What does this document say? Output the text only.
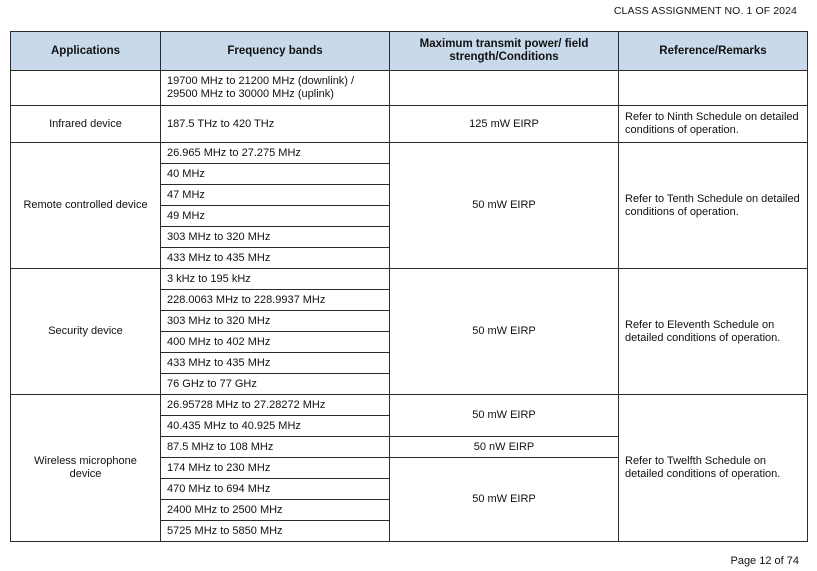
CLASS ASSIGNMENT NO. 1 OF 2024
Applications	Frequency bands	Maximum transmit power/ field strength/Conditions	Reference/Remarks
	19700 MHz to 21200 MHz (downlink) / 29500 MHz to 30000 MHz (uplink)		
Infrared device	187.5 THz to 420 THz	125 mW EIRP	Refer to Ninth Schedule on detailed conditions of operation.
Remote controlled device	26.965 MHz to 27.275 MHz	50 mW EIRP	Refer to Tenth Schedule on detailed conditions of operation.
	40 MHz		
	47 MHz		
	49 MHz		
	303 MHz to 320 MHz		
	433 MHz to 435 MHz		
Security device	3 kHz to 195 kHz	50 mW EIRP	Refer to Eleventh Schedule on detailed conditions of operation.
	228.0063 MHz to 228.9937 MHz		
	303 MHz to 320 MHz		
	400 MHz to 402 MHz		
	433 MHz to 435 MHz		
	76 GHz to 77 GHz		
Wireless microphone device	26.95728 MHz to 27.28272 MHz	50 mW EIRP	Refer to Twelfth Schedule on detailed conditions of operation.
	40.435 MHz to 40.925 MHz		
	87.5 MHz to 108 MHz	50 nW EIRP	
	174 MHz to 230 MHz	50 mW EIRP	
	470 MHz to 694 MHz		
	2400 MHz to 2500 MHz		
	5725 MHz to 5850 MHz		
Page 12 of 74
